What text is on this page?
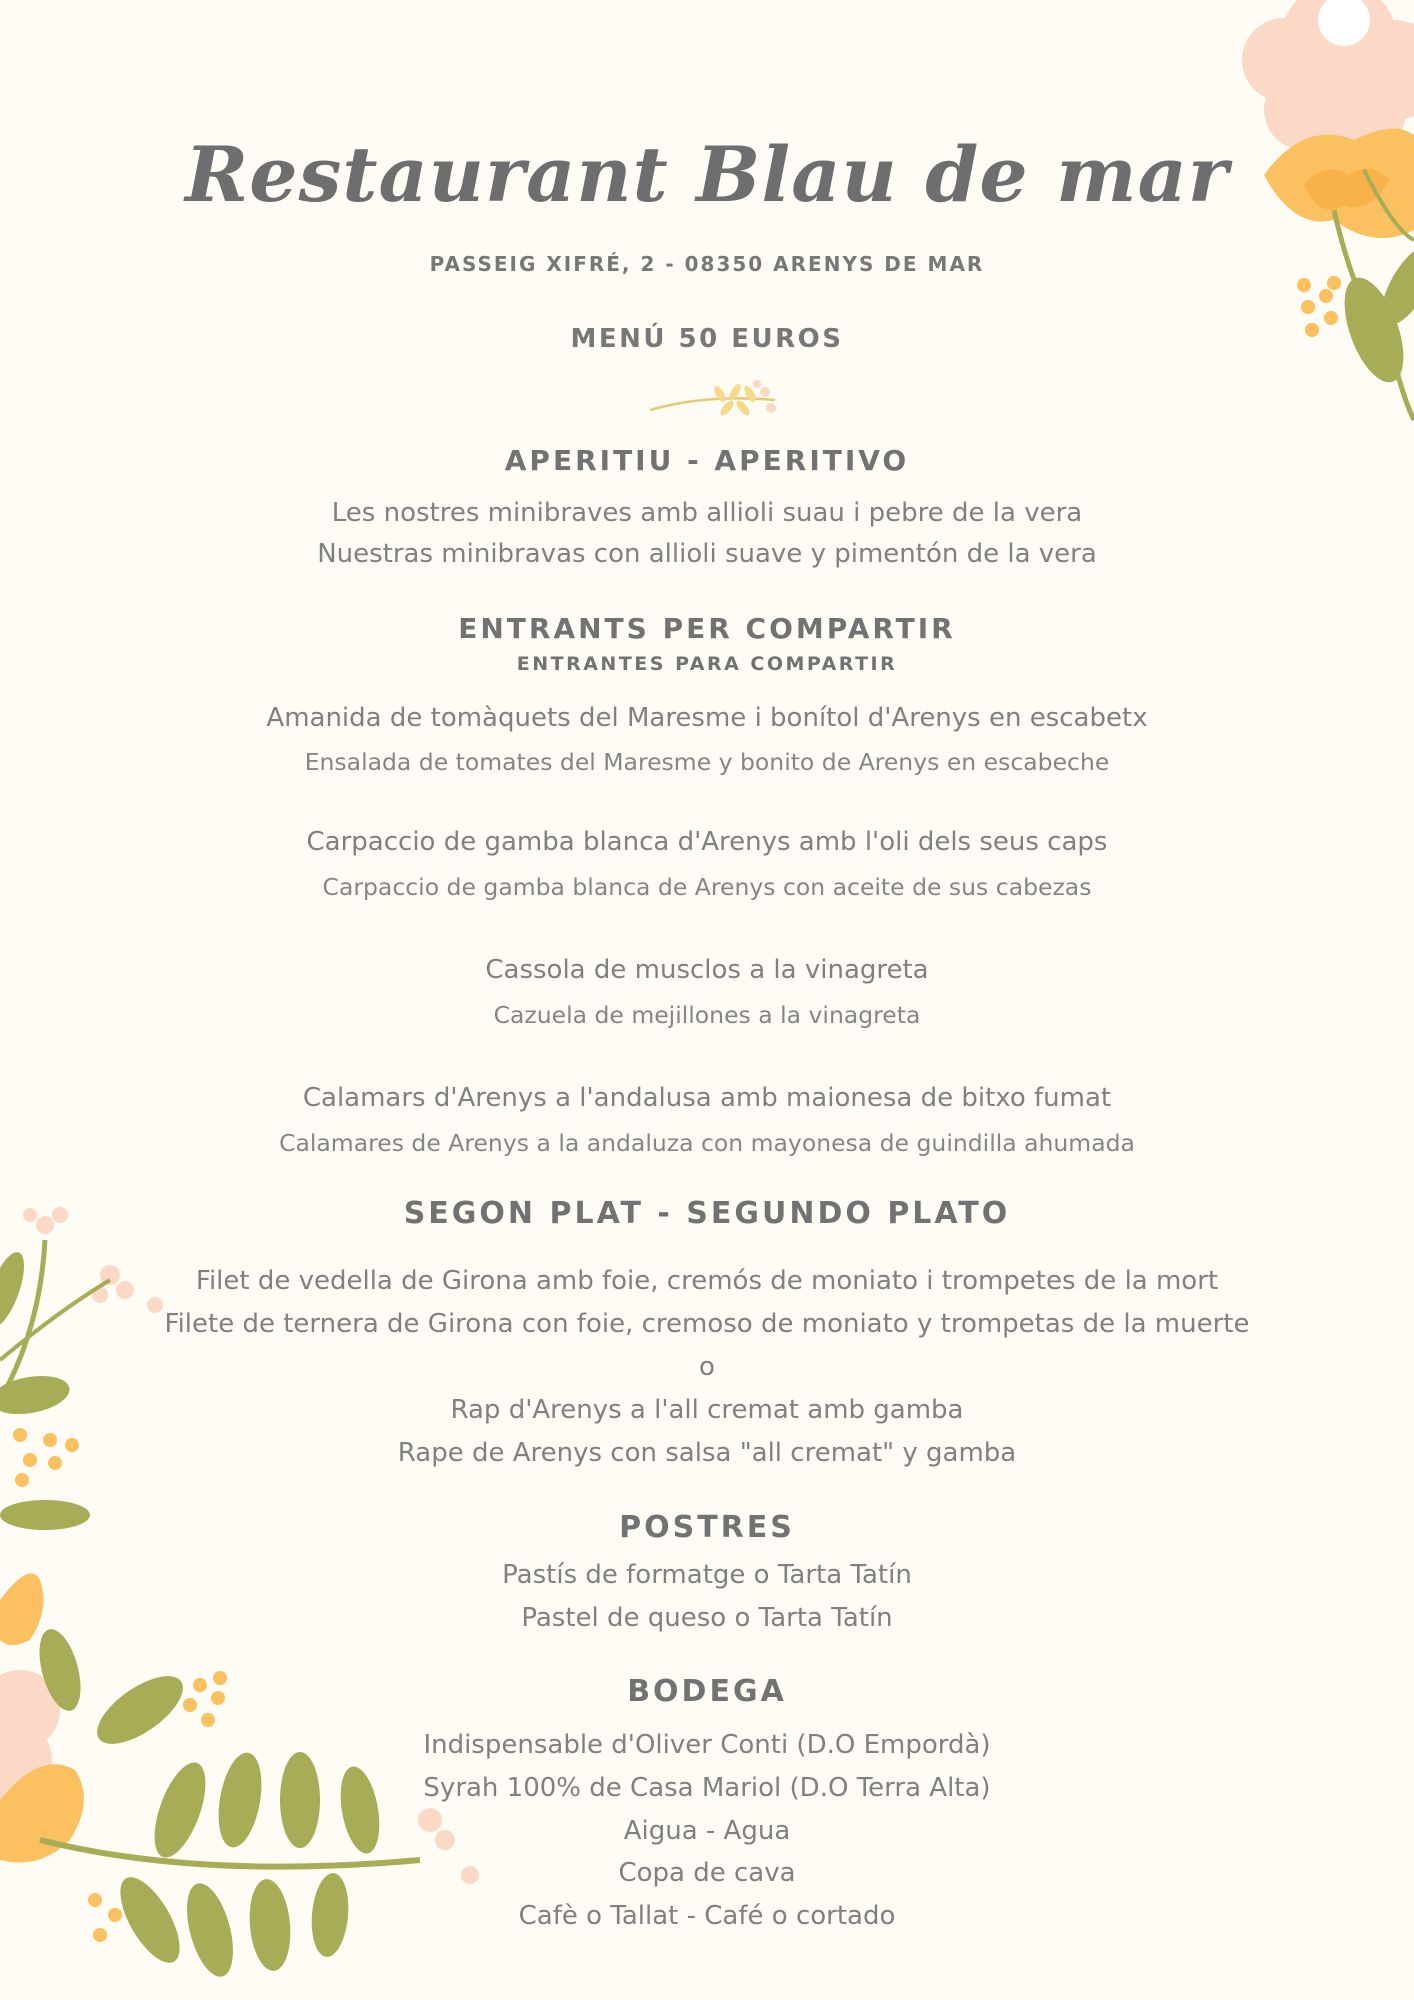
Restaurant Blau de mar
PASSEIG XIFRÉ, 2 - 08350 ARENYS DE MAR
MENÚ 50 EUROS
APERITIU - APERITIVO
Les nostres minibraves amb allioli suau i pebre de la vera
Nuestras minibravas con allioli suave y pimentón de la vera
ENTRANTS PER COMPARTIR
ENTRANTES PARA COMPARTIR
Amanida de tomàquets del Maresme i bonítol d'Arenys en escabetx
Ensalada de tomates del Maresme y bonito de Arenys en escabeche
Carpaccio de gamba blanca d'Arenys amb l'oli dels seus caps
Carpaccio de gamba blanca de Arenys con aceite de sus cabezas
Cassola de musclos a la vinagreta
Cazuela de mejillones a la vinagreta
Calamars d'Arenys a l'andalusa amb maionesa de bitxo fumat
Calamares de Arenys a la andaluza con mayonesa de guindilla ahumada
SEGON PLAT - SEGUNDO PLATO
Filet de vedella de Girona amb foie, cremós de moniato i trompetes de la mort
Filete de ternera de Girona con foie, cremoso de moniato y trompetas de la muerte
o
Rap d'Arenys a l'all cremat amb gamba
Rape de Arenys con salsa "all cremat" y gamba
POSTRES
Pastís de formatge o Tarta Tatín
Pastel de queso o Tarta Tatín
BODEGA
Indispensable d'Oliver Conti (D.O Empordà)
Syrah 100% de Casa Mariol (D.O Terra Alta)
Aigua - Agua
Copa de cava
Cafè o Tallat - Café o cortado
